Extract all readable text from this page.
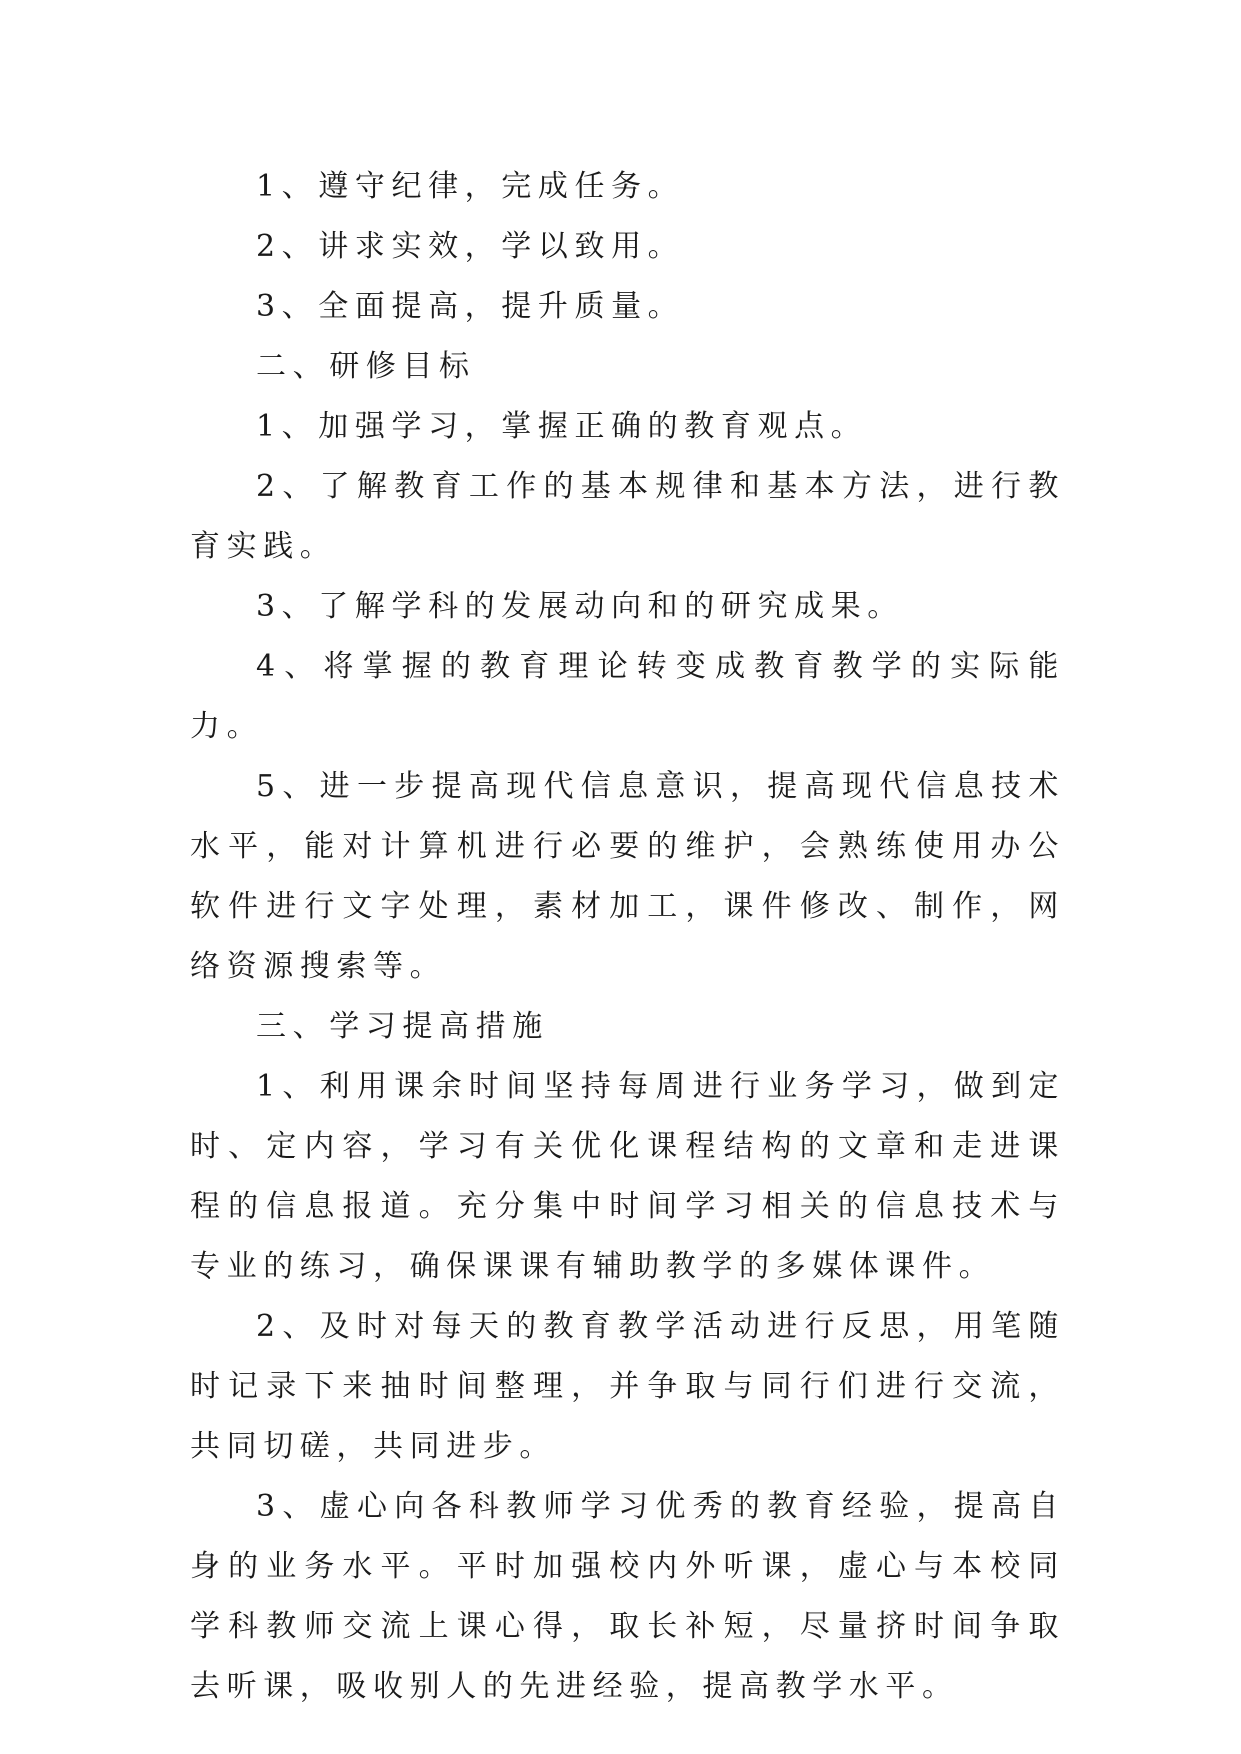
1、遵守纪律，完成任务。

2、讲求实效，学以致用。

3、全面提高，提升质量。

二、研修目标

1、加强学习，掌握正确的教育观点。

2、了解教育工作的基本规律和基本方法，进行教育实践。

3、了解学科的发展动向和的研究成果。

4、将掌握的教育理论转变成教育教学的实际能力。

5、进一步提高现代信息意识，提高现代信息技术水平，能对计算机进行必要的维护，会熟练使用办公软件进行文字处理，素材加工，课件修改、制作，网络资源搜索等。

三、学习提高措施

1、利用课余时间坚持每周进行业务学习，做到定时、定内容，学习有关优化课程结构的文章和走进课程的信息报道。充分集中时间学习相关的信息技术与专业的练习，确保课课有辅助教学的多媒体课件。

2、及时对每天的教育教学活动进行反思，用笔随时记录下来抽时间整理，并争取与同行们进行交流，共同切磋，共同进步。

3、虚心向各科教师学习优秀的教育经验，提高自身的业务水平。平时加强校内外听课，虚心与本校同学科教师交流上课心得，取长补短，尽量挤时间争取去听课，吸收别人的先进经验，提高教学水平。
